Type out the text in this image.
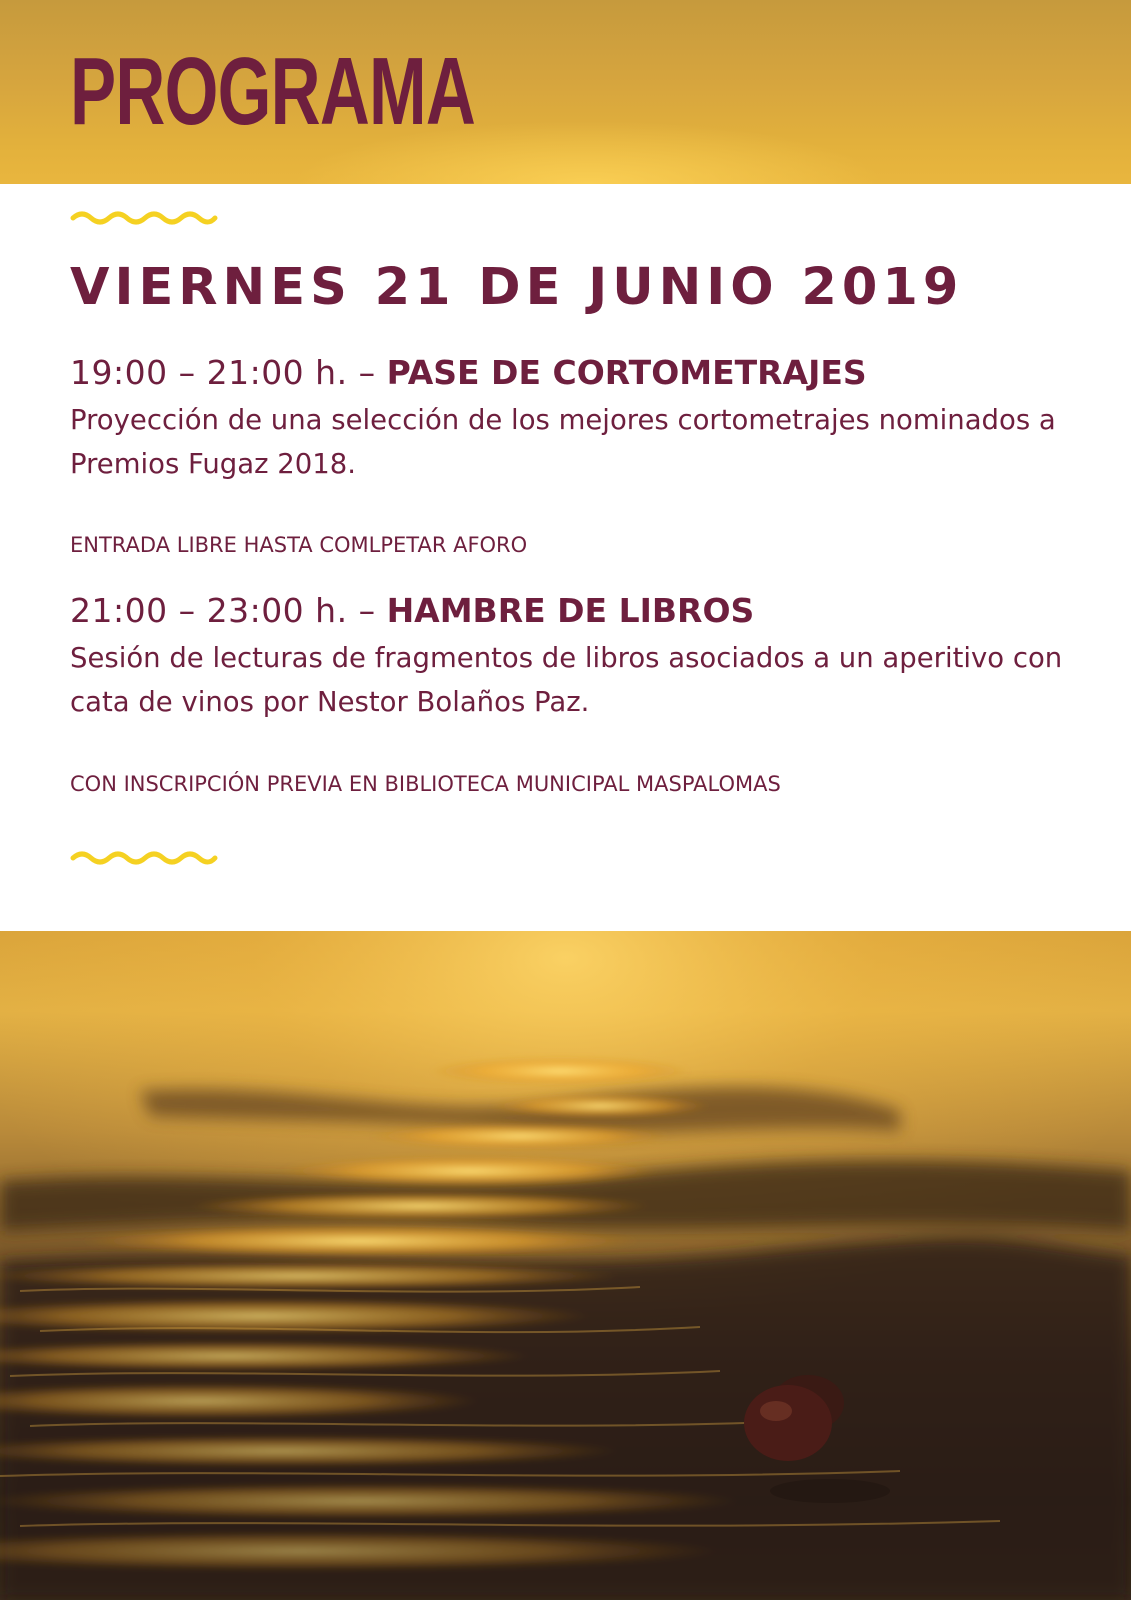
PROGRAMA
VIERNES 21 DE JUNIO 2019
19:00 – 21:00 h. – PASE DE CORTOMETRAJES

Proyección de una selección de los mejores cortometrajes nominados a Premios Fugaz 2018.

ENTRADA LIBRE HASTA COMLPETAR AFORO

21:00 – 23:00 h. – HAMBRE DE LIBROS

Sesión de lecturas de fragmentos de libros asociados a un aperitivo con cata de vinos por Nestor Bolaños Paz.

CON INSCRIPCIÓN PREVIA EN BIBLIOTECA MUNICIPAL MASPALOMAS
